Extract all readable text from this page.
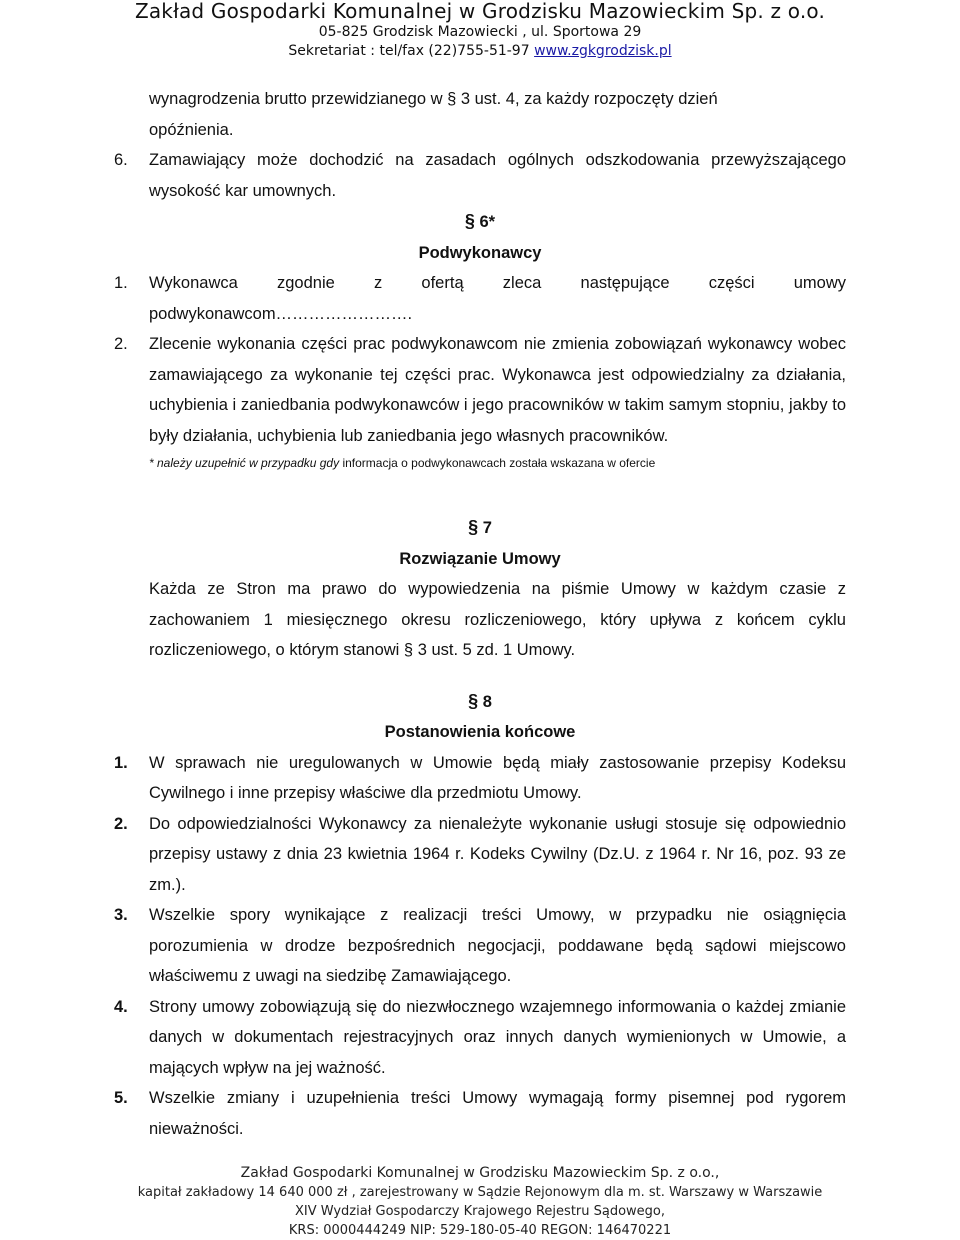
Zakład Gospodarki Komunalnej w Grodzisku Mazowieckim Sp. z o.o.
05-825 Grodzisk Mazowiecki , ul. Sportowa 29
Sekretariat : tel/fax (22)755-51-97 www.zgkgrodzisk.pl
wynagrodzenia brutto przewidzianego w § 3 ust. 4, za każdy rozpoczęty dzień
opóźnienia.
6. Zamawiający może dochodzić na zasadach ogólnych odszkodowania przewyższającego wysokość kar umownych.
§ 6*
Podwykonawcy
1. Wykonawca zgodnie z ofertą zleca następujące części umowy podwykonawcom…………………….
2. Zlecenie wykonania części prac podwykonawcom nie zmienia zobowiązań wykonawcy wobec zamawiającego za wykonanie tej części prac. Wykonawca jest odpowiedzialny za działania, uchybienia i zaniedbania podwykonawców i jego pracowników w takim samym stopniu, jakby to były działania, uchybienia lub zaniedbania jego własnych pracowników.
* należy uzupełnić w przypadku gdy informacja o podwykonawcach została wskazana w ofercie
§ 7
Rozwiązanie Umowy
Każda ze Stron ma prawo do wypowiedzenia na piśmie Umowy w każdym czasie z zachowaniem 1 miesięcznego okresu rozliczeniowego, który upływa z końcem cyklu rozliczeniowego, o którym stanowi § 3 ust. 5 zd. 1 Umowy.
§ 8
Postanowienia końcowe
1. W sprawach nie uregulowanych w Umowie będą miały zastosowanie przepisy Kodeksu Cywilnego i inne przepisy właściwe dla przedmiotu Umowy.
2. Do odpowiedzialności Wykonawcy za nienależyte wykonanie usługi stosuje się odpowiednio przepisy ustawy z dnia 23 kwietnia 1964 r. Kodeks Cywilny (Dz.U. z 1964 r. Nr 16, poz. 93 ze zm.).
3. Wszelkie spory wynikające z realizacji treści Umowy, w przypadku nie osiągnięcia porozumienia w drodze bezpośrednich negocjacji, poddawane będą sądowi miejscowo właściwemu z uwagi na siedzibę Zamawiającego.
4. Strony umowy zobowiązują się do niezwłocznego wzajemnego informowania o każdej zmianie danych w dokumentach rejestracyjnych oraz innych danych wymienionych w Umowie, a mających wpływ na jej ważność.
5. Wszelkie zmiany i uzupełnienia treści Umowy wymagają formy pisemnej pod rygorem nieważności.
Zakład Gospodarki Komunalnej w Grodzisku Mazowieckim Sp. z o.o.,
kapitał zakładowy 14 640 000 zł , zarejestrowany w Sądzie Rejonowym dla m. st. Warszawy w Warszawie
XIV Wydział Gospodarczy Krajowego Rejestru Sądowego,
KRS: 0000444249 NIP: 529-180-05-40 REGON: 146470221
